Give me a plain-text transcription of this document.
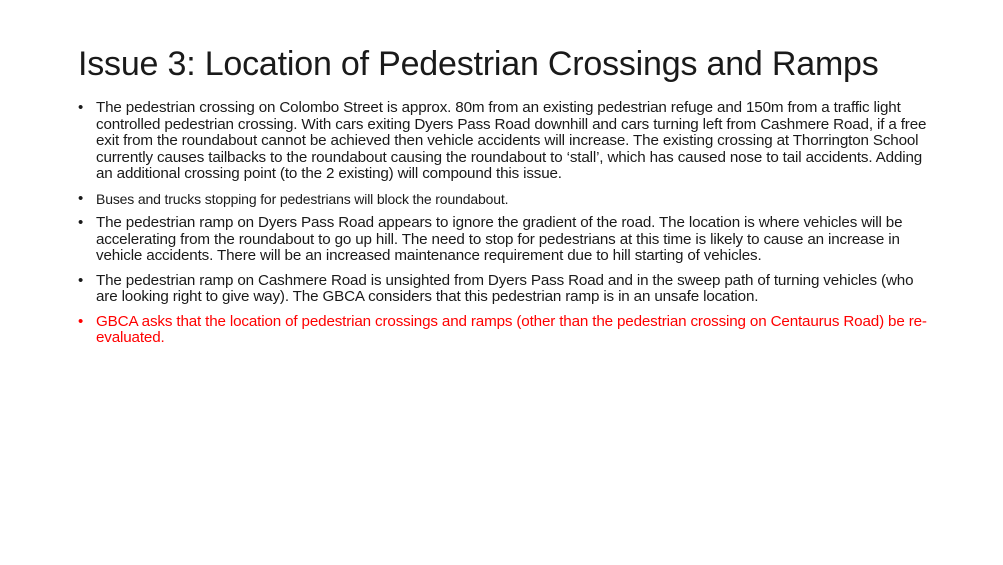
Issue 3: Location of Pedestrian Crossings and Ramps
• The pedestrian crossing on Colombo Street is approx. 80m from an existing pedestrian refuge and 150m from a traffic light controlled pedestrian crossing. With cars exiting Dyers Pass Road downhill and cars turning left from Cashmere Road, if a free exit from the roundabout cannot be achieved then vehicle accidents will increase. The existing crossing at Thorrington School currently causes tailbacks to the roundabout causing the roundabout to ‘stall’, which has caused nose to tail accidents. Adding an additional crossing point (to the 2 existing) will compound this issue.
• Buses and trucks stopping for pedestrians will block the roundabout.
• The pedestrian ramp on Dyers Pass Road appears to ignore the gradient of the road. The location is where vehicles will be accelerating from the roundabout to go up hill. The need to stop for pedestrians at this time is likely to cause an increase in vehicle accidents. There will be an increased maintenance requirement due to hill starting of vehicles.
• The pedestrian ramp on Cashmere Road is unsighted from Dyers Pass Road and in the sweep path of turning vehicles (who are looking right to give way). The GBCA considers that this pedestrian ramp is in an unsafe location.
• GBCA asks that the location of pedestrian crossings and ramps (other than the pedestrian crossing on Centaurus Road) be re-evaluated.
